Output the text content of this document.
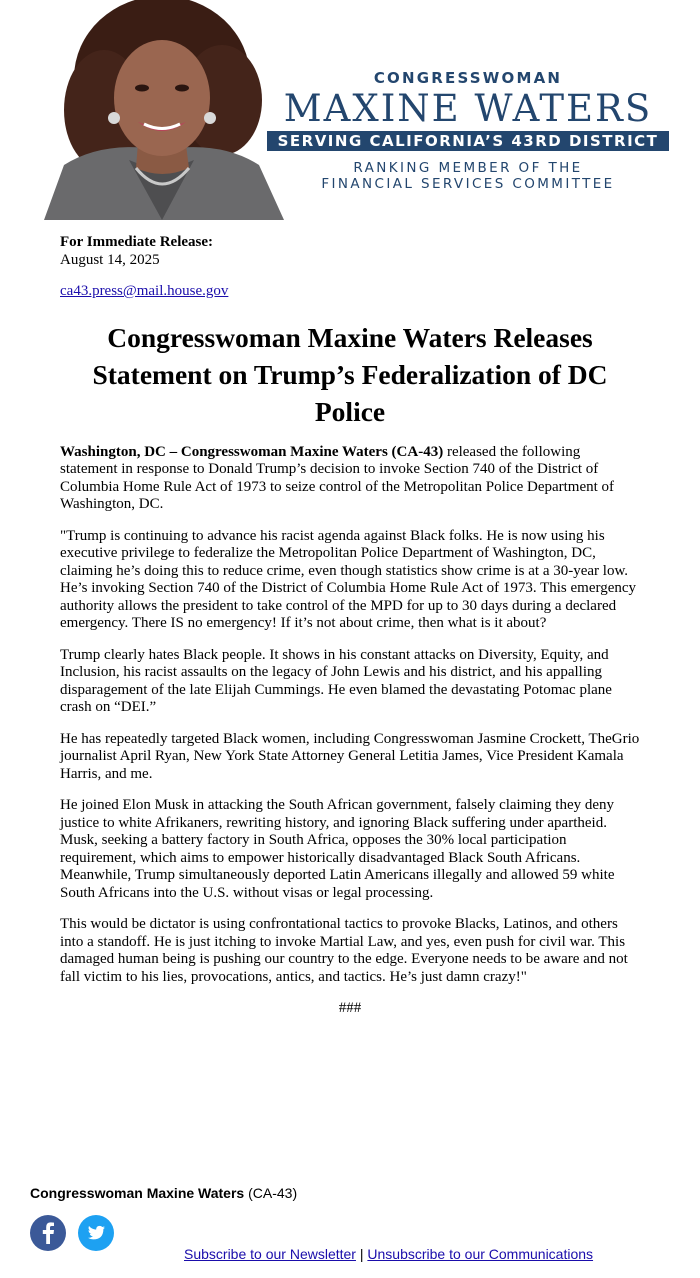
CONGRESSWOMAN
MAXINE WATERS
SERVING CALIFORNIA’S 43RD DISTRICT
RANKING MEMBER OF THE
FINANCIAL SERVICES COMMITTEE
For Immediate Release:
August 14, 2025
ca43.press@mail.house.gov
Congresswoman Maxine Waters Releases Statement on Trump’s Federalization of DC Police

Washington, DC – Congresswoman Maxine Waters (CA-43) released the following statement in response to Donald Trump’s decision to invoke Section 740 of the District of Columbia Home Rule Act of 1973 to seize control of the Metropolitan Police Department of Washington, DC.

"Trump is continuing to advance his racist agenda against Black folks. He is now using his executive privilege to federalize the Metropolitan Police Department of Washington, DC, claiming he’s doing this to reduce crime, even though statistics show crime is at a 30-year low. He’s invoking Section 740 of the District of Columbia Home Rule Act of 1973. This emergency authority allows the president to take control of the MPD for up to 30 days during a declared emergency. There IS no emergency! If it’s not about crime, then what is it about?

Trump clearly hates Black people. It shows in his constant attacks on Diversity, Equity, and Inclusion, his racist assaults on the legacy of John Lewis and his district, and his appalling disparagement of the late Elijah Cummings. He even blamed the devastating Potomac plane crash on “DEI.”

He has repeatedly targeted Black women, including Congresswoman Jasmine Crockett, TheGrio journalist April Ryan, New York State Attorney General Letitia James, Vice President Kamala Harris, and me.

He joined Elon Musk in attacking the South African government, falsely claiming they deny justice to white Afrikaners, rewriting history, and ignoring Black suffering under apartheid. Musk, seeking a battery factory in South Africa, opposes the 30% local participation requirement, which aims to empower historically disadvantaged Black South Africans. Meanwhile, Trump simultaneously deported Latin Americans illegally and allowed 59 white South Africans into the U.S. without visas or legal processing.

This would be dictator is using confrontational tactics to provoke Blacks, Latinos, and others into a standoff. He is just itching to invoke Martial Law, and yes, even push for civil war. This damaged human being is pushing our country to the edge. Everyone needs to be aware and not fall victim to his lies, provocations, antics, and tactics. He’s just damn crazy!"

###
Congresswoman Maxine Waters (CA-43)
Subscribe to our Newsletter | Unsubscribe to our Communications
